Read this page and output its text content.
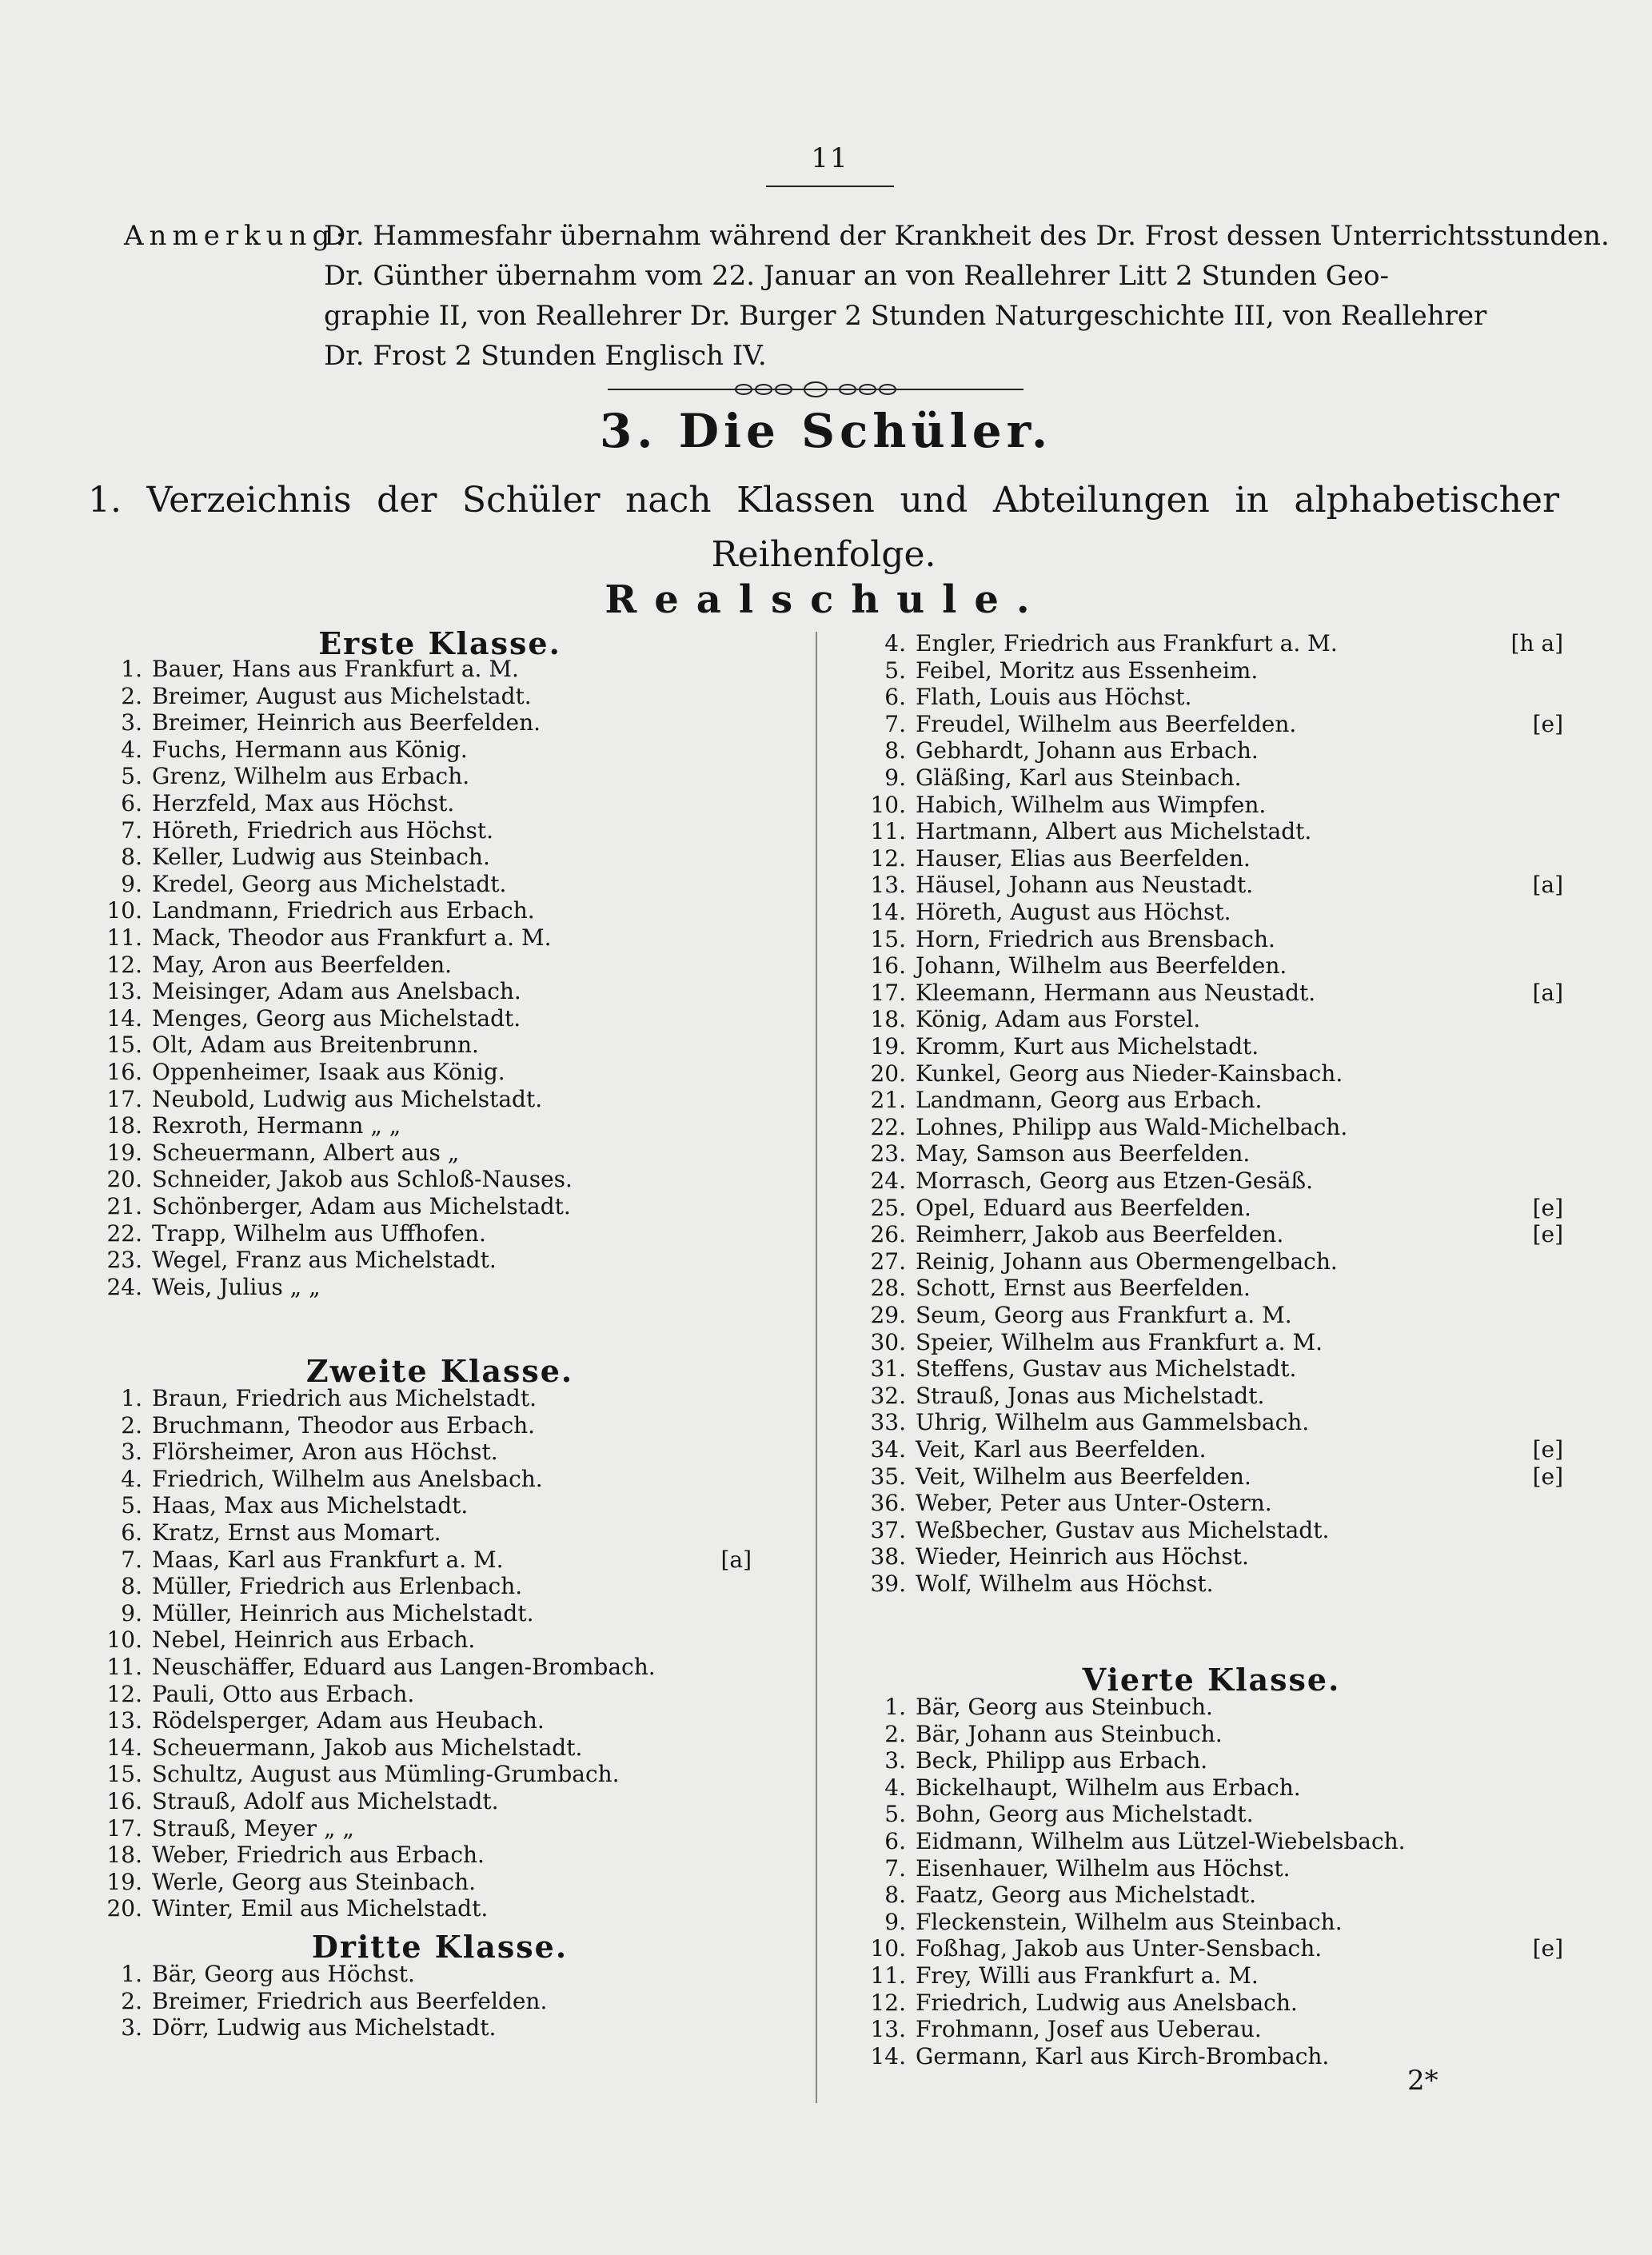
11
Anmerkung:Dr. Hammesfahr übernahm während der Krankheit des Dr. Frost dessen Unterrichtsstunden.
Dr. Günther übernahm vom 22. Januar an von Reallehrer Litt 2 Stunden Geo-
graphie II, von Reallehrer Dr. Burger 2 Stunden Naturgeschichte III, von Reallehrer
Dr. Frost 2 Stunden Englisch IV.
3. Die Schüler.
1. Verzeichnis der Schüler nach Klassen und Abteilungen in alphabetischer Reihenfolge.
Realschule.
Erste Klasse.
1. Bauer, Hans aus Frankfurt a. M.
2. Breimer, August aus Michelstadt.
3. Breimer, Heinrich aus Beerfelden.
4. Fuchs, Hermann aus König.
5. Grenz, Wilhelm aus Erbach.
6. Herzfeld, Max aus Höchst.
7. Höreth, Friedrich aus Höchst.
8. Keller, Ludwig aus Steinbach.
9. Kredel, Georg aus Michelstadt.
10. Landmann, Friedrich aus Erbach.
11. Mack, Theodor aus Frankfurt a. M.
12. May, Aron aus Beerfelden.
13. Meisinger, Adam aus Anelsbach.
14. Menges, Georg aus Michelstadt.
15. Olt, Adam aus Breitenbrunn.
16. Oppenheimer, Isaak aus König.
17. Neubold, Ludwig aus Michelstadt.
18. Rexroth, Hermann „ „
19. Scheuermann, Albert aus „
20. Schneider, Jakob aus Schloß-Nauses.
21. Schönberger, Adam aus Michelstadt.
22. Trapp, Wilhelm aus Uffhofen.
23. Wegel, Franz aus Michelstadt.
24. Weis, Julius „ „
Zweite Klasse.
1. Braun, Friedrich aus Michelstadt.
2. Bruchmann, Theodor aus Erbach.
3. Flörsheimer, Aron aus Höchst.
4. Friedrich, Wilhelm aus Anelsbach.
5. Haas, Max aus Michelstadt.
6. Kratz, Ernst aus Momart.
7. Maas, Karl aus Frankfurt a. M.	[a]
8. Müller, Friedrich aus Erlenbach.
9. Müller, Heinrich aus Michelstadt.
10. Nebel, Heinrich aus Erbach.
11. Neuschäffer, Eduard aus Langen-Brombach.
12. Pauli, Otto aus Erbach.
13. Rödelsperger, Adam aus Heubach.
14. Scheuermann, Jakob aus Michelstadt.
15. Schultz, August aus Mümling-Grumbach.
16. Strauß, Adolf aus Michelstadt.
17. Strauß, Meyer „ „
18. Weber, Friedrich aus Erbach.
19. Werle, Georg aus Steinbach.
20. Winter, Emil aus Michelstadt.
Dritte Klasse.
1. Bär, Georg aus Höchst.
2. Breimer, Friedrich aus Beerfelden.
3. Dörr, Ludwig aus Michelstadt.
4. Engler, Friedrich aus Frankfurt a. M.	[h a]
5. Feibel, Moritz aus Essenheim.
6. Flath, Louis aus Höchst.
7. Freudel, Wilhelm aus Beerfelden.	[e]
8. Gebhardt, Johann aus Erbach.
9. Gläßing, Karl aus Steinbach.
10. Habich, Wilhelm aus Wimpfen.
11. Hartmann, Albert aus Michelstadt.
12. Hauser, Elias aus Beerfelden.
13. Häusel, Johann aus Neustadt.	[a]
14. Höreth, August aus Höchst.
15. Horn, Friedrich aus Brensbach.
16. Johann, Wilhelm aus Beerfelden.
17. Kleemann, Hermann aus Neustadt.	[a]
18. König, Adam aus Forstel.
19. Kromm, Kurt aus Michelstadt.
20. Kunkel, Georg aus Nieder-Kainsbach.
21. Landmann, Georg aus Erbach.
22. Lohnes, Philipp aus Wald-Michelbach.
23. May, Samson aus Beerfelden.
24. Morrasch, Georg aus Etzen-Gesäß.
25. Opel, Eduard aus Beerfelden.	[e]
26. Reimherr, Jakob aus Beerfelden.	[e]
27. Reinig, Johann aus Obermengelbach.
28. Schott, Ernst aus Beerfelden.
29. Seum, Georg aus Frankfurt a. M.
30. Speier, Wilhelm aus Frankfurt a. M.
31. Steffens, Gustav aus Michelstadt.
32. Strauß, Jonas aus Michelstadt.
33. Uhrig, Wilhelm aus Gammelsbach.
34. Veit, Karl aus Beerfelden.	[e]
35. Veit, Wilhelm aus Beerfelden.	[e]
36. Weber, Peter aus Unter-Ostern.
37. Weßbecher, Gustav aus Michelstadt.
38. Wieder, Heinrich aus Höchst.
39. Wolf, Wilhelm aus Höchst.
Vierte Klasse.
1. Bär, Georg aus Steinbuch.
2. Bär, Johann aus Steinbuch.
3. Beck, Philipp aus Erbach.
4. Bickelhaupt, Wilhelm aus Erbach.
5. Bohn, Georg aus Michelstadt.
6. Eidmann, Wilhelm aus Lützel-Wiebelsbach.
7. Eisenhauer, Wilhelm aus Höchst.
8. Faatz, Georg aus Michelstadt.
9. Fleckenstein, Wilhelm aus Steinbach.
10. Foßhag, Jakob aus Unter-Sensbach.	[e]
11. Frey, Willi aus Frankfurt a. M.
12. Friedrich, Ludwig aus Anelsbach.
13. Frohmann, Josef aus Ueberau.
14. Germann, Karl aus Kirch-Brombach.
2*
